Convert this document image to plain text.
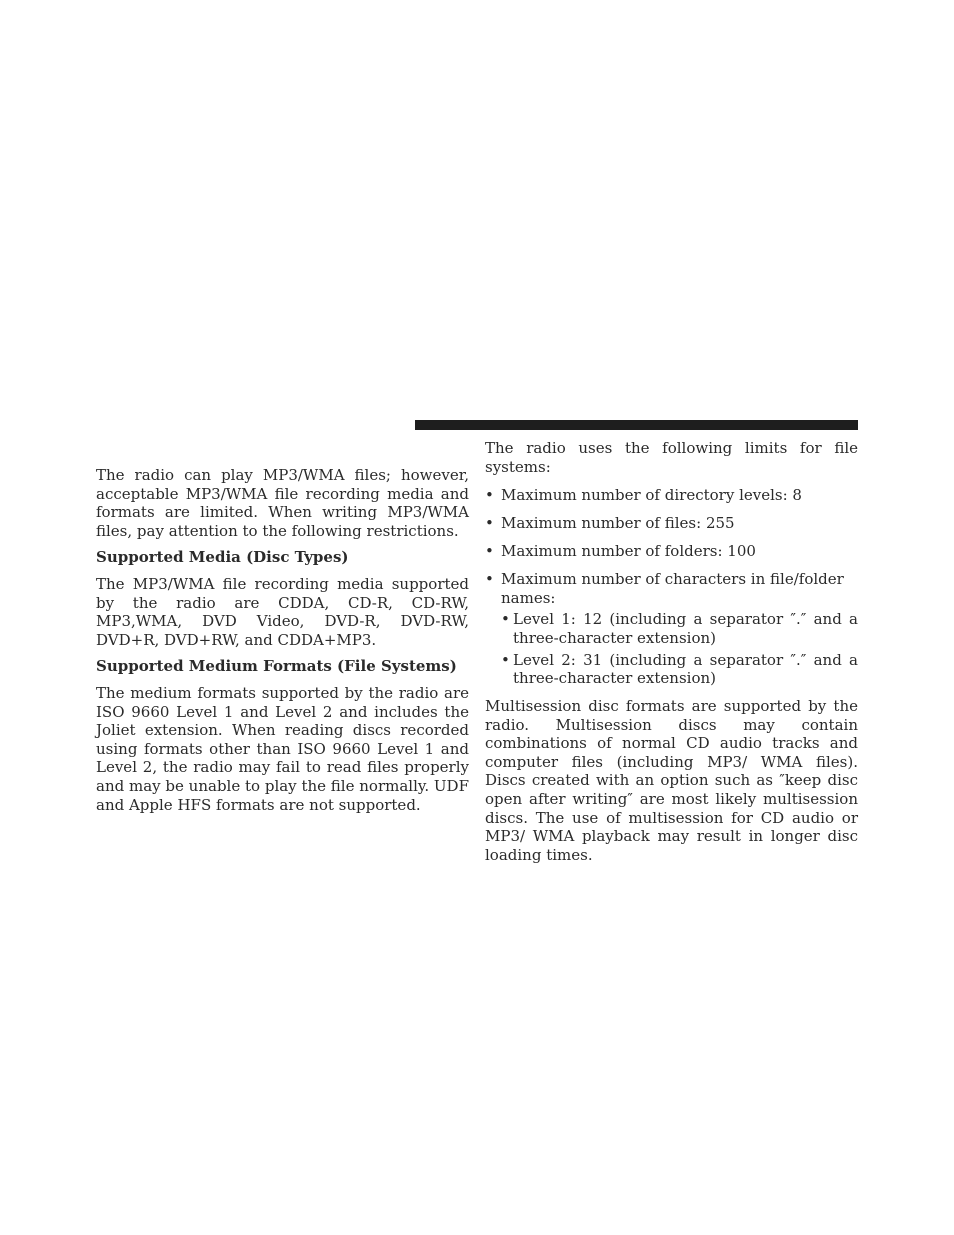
The radio can play MP3/WMA files; however, acceptable MP3/WMA file recording media and formats are limited. When writing MP3/WMA files, pay attention to the following restrictions.

Supported Media (Disc Types)

The MP3/WMA file recording media supported by the radio are CDDA, CD-R, CD-RW, MP3,WMA, DVD Video, DVD-R, DVD-RW, DVD+R, DVD+RW, and CDDA+MP3.

Supported Medium Formats (File Systems)

The medium formats supported by the radio are ISO 9660 Level 1 and Level 2 and includes the Joliet extension. When reading discs recorded using formats other than ISO 9660 Level 1 and Level 2, the radio may fail to read files properly and may be unable to play the file normally. UDF and Apple HFS formats are not supported.

The radio uses the following limits for file systems:

• Maximum number of directory levels: 8
• Maximum number of files: 255
• Maximum number of folders: 100
• Maximum number of characters in file/folder names:
• Level 1: 12 (including a separator ″.″ and a three-character extension)
• Level 2: 31 (including a separator ″.″ and a three-character extension)

Multisession disc formats are supported by the radio. Multisession discs may contain combinations of normal CD audio tracks and computer files (including MP3/ WMA files). Discs created with an option such as ″keep disc open after writing″ are most likely multisession discs. The use of multisession for CD audio or MP3/ WMA playback may result in longer disc loading times.
